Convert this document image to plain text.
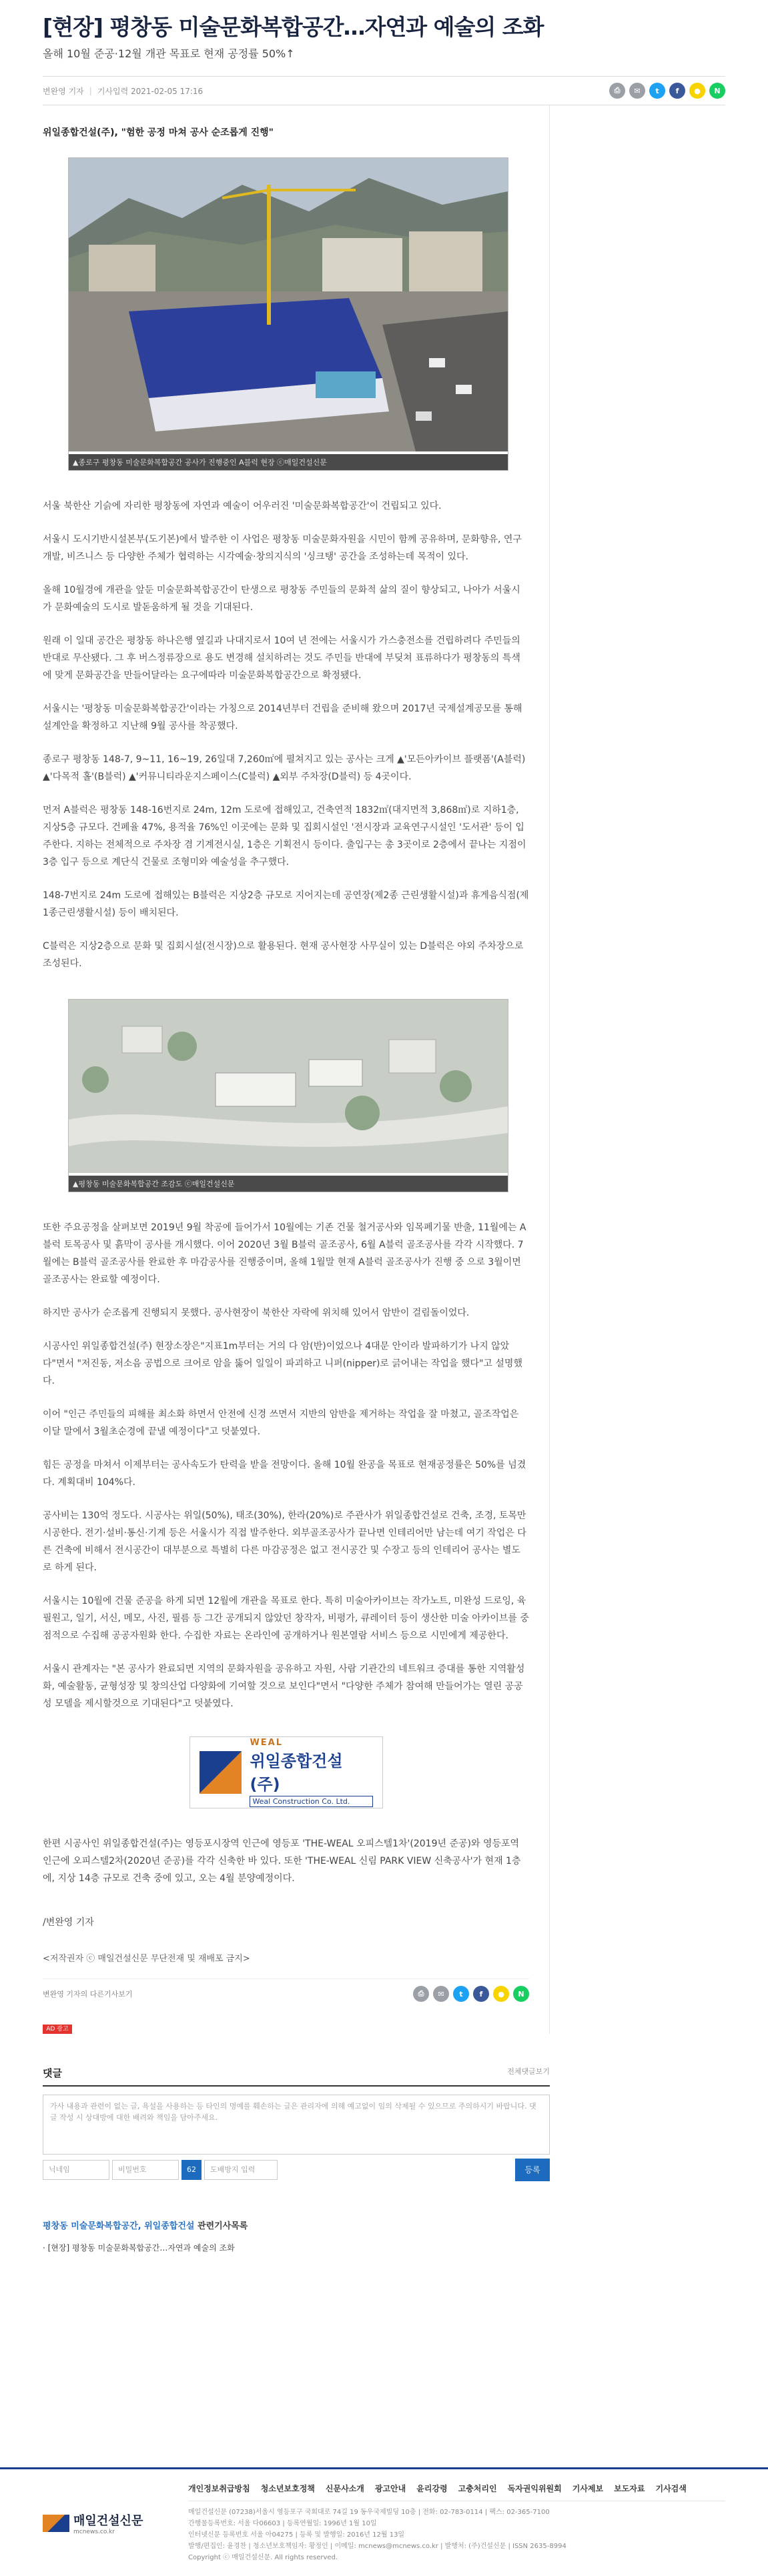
[현장] 평창동 미술문화복합공간…자연과 예술의 조화
올해 10월 준공·12월 개관 목표로 현재 공정률 50%↑
변완영 기자 | 기사입력 2021-02-05 17:16	⎙	✉	t	f	●	N
위일종합건설(주), "험한 공정 마쳐 공사 순조롭게 진행"
▲종로구 평창동 미술문화복합공간 공사가 진행중인 A블럭 현장 ⓒ매일건설신문

서울 북한산 기슭에 자리한 평창동에 자연과 예술이 어우러진 '미술문화복합공간'이 건립되고 있다.

서울시 도시기반시설본부(도기본)에서 발주한 이 사업은 평창동 미술문화자원을 시민이 함께 공유하며, 문화향유, 연구개발, 비즈니스 등 다양한 주체가 협력하는 시각예술·창의지식의 '싱크탱' 공간을 조성하는데 목적이 있다.

올해 10월경에 개관을 앞둔 미술문화복합공간이 탄생으로 평창동 주민들의 문화적 삶의 질이 향상되고, 나아가 서울시가 문화예술의 도시로 발돋움하게 될 것을 기대된다.

원래 이 일대 공간은 평창동 하나은행 옆길과 나대지로서 10여 년 전에는 서울시가 가스충전소를 건립하려다 주민들의 반대로 무산됐다. 그 후 버스정류장으로 용도 변경해 설치하려는 것도 주민들 반대에 부딪쳐 표류하다가 평창동의 특색에 맞게 문화공간을 만들어달라는 요구에따라 미술문화복합공간으로 확정됐다.

서울시는 '평창동 미술문화복합공간'이라는 가칭으로 2014년부터 건립을 준비해 왔으며 2017년 국제설계공모를 통해 설계안을 확정하고 지난해 9월 공사를 착공했다.

종로구 평창동 148-7, 9~11, 16~19, 26일대 7,260㎡에 펼쳐지고 있는 공사는 크게 ▲'모든아카이브 플랫폼'(A블럭) ▲'다목적 홀'(B블럭) ▲'커뮤니티라운지스페이스(C블럭) ▲외부 주차장(D블럭) 등 4곳이다.

먼저 A블럭은 평창동 148-16번지로 24m, 12m 도로에 접해있고, 건축연적 1832㎡(대지면적 3,868㎡)로 지하1층, 지상5층 규모다. 건폐율 47%, 용적율 76%인 이곳에는 문화 및 집회시설인 '전시장과 교육연구시설인 '도서관' 등이 입주한다. 지하는 전체적으로 주차장 겸 기계전시실, 1층은 기획전시 등이다. 출입구는 총 3곳이로 2층에서 끝나는 지점이 3층 입구 등으로 계단식 건물로 조형미와 예술성을 추구했다.

148-7번지로 24m 도로에 접해있는 B블럭은 지상2층 규모로 지어지는데 공연장(제2종 근린생활시설)과 휴게음식점(제1종근린생활시설) 등이 배치된다.

C블럭은 지상2층으로 문화 및 집회시설(전시장)으로 활용된다. 현재 공사현장 사무실이 있는 D블럭은 야외 주차장으로 조성된다.

▲평창동 미술문화복합공간 조감도 ⓒ매일건설신문

또한 주요공정을 살펴보면 2019년 9월 착공에 들어가서 10월에는 기존 건물 철거공사와 임목폐기물 반출, 11월에는 A블럭 토목공사 및 흙막이 공사를 개시했다. 이어 2020년 3월 B블럭 골조공사, 6월 A블럭 골조공사를 각각 시작했다. 7월에는 B블럭 골조공사를 완료한 후 마감공사를 진행중이며, 올해 1월말 현재 A블럭 골조공사가 진행 중 으로 3월이면 골조공사는 완료할 예정이다.

하지만 공사가 순조롭게 진행되지 못했다. 공사현장이 북한산 자락에 위치해 있어서 암반이 걸림돌이었다.

시공사인 위일종합건설(주) 현장소장은"지표1m부터는 거의 다 암(반)이었으나 4대문 안이라 발파하기가 나지 않았다"면서 "저진동, 저소음 공법으로 크어로 암을 뚫어 일일이 파괴하고 니퍼(nipper)로 긁어내는 작업을 했다"고 설명했다.

이어 "인근 주민들의 피해를 최소화 하면서 안전에 신경 쓰면서 지반의 암반을 제거하는 작업을 잘 마쳤고, 골조작업은 이달 말에서 3월초순경에 끝낼 예정이다"고 덧붙였다.

힘든 공정을 마쳐서 이제부터는 공사속도가 탄력을 받을 전망이다. 올해 10월 완공을 목표로 현재공정률은 50%를 넘겼다. 계획대비 104%다.

공사비는 130억 정도다. 시공사는 위일(50%), 태조(30%), 한라(20%)로 주관사가 위일종합건설로 건축, 조경, 토목만 시공한다. 전기·설비·통신·기계 등은 서울시가 직접 발주한다. 외부골조공사가 끝나면 인테리어만 남는데 여기 작업은 다른 건축에 비해서 전시공간이 대부분으로 특별히 다른 마감공정은 없고 전시공간 및 수장고 등의 인테리어 공사는 별도로 하게 된다.

서울시는 10월에 건물 준공을 하게 되면 12월에 개관을 목표로 한다. 특히 미술아카이브는 작가노트, 미완성 드로잉, 육필원고, 일기, 서신, 메모, 사진, 필름 등 그간 공개되지 않았던 창작자, 비평가, 큐레이터 등이 생산한 미술 아카이브를 중점적으로 수집해 공공자원화 한다. 수집한 자료는 온라인에 공개하거나 원본열람 서비스 등으로 시민에게 제공한다.

서울시 관계자는 "본 공사가 완료되면 지역의 문화자원을 공유하고 자원, 사람 기관간의 네트워크 증대를 통한 지역활성화, 예술활동, 균형성장 및 창의산업 다양화에 기여할 것으로 보인다"면서 "다양한 주체가 참여해 만들어가는 열린 공공성 모델을 제시할것으로 기대된다"고 덧붙였다.

WEAL
위일종합건설(주)
Weal Construction Co. Ltd.

한편 시공사인 위일종합건설(주)는 영등포시장역 인근에 영등포 'THE-WEAL 오피스텔1차'(2019년 준공)와 영등포역 인근에 오피스텔2차(2020년 준공)를 각각 신축한 바 있다. 또한 'THE-WEAL 신림 PARK VIEW 신축공사'가 현재 1층에, 지상 14층 규모로 건축 중에 있고, 오는 4월 분양예정이다.

/변완영 기자

<저작권자 ⓒ 매일건설신문 무단전재 및 재배포 금지>
변완영 기자의 다른기사보기	⎙	✉	t	f	●	N
AD 광고
댓글	전체댓글보기
가사 내용과 관련이 없는 글, 욕설을 사용하는 등 타인의 명예를 훼손하는 글은 관리자에 의해 예고없이 임의 삭제될 수 있으므로 주의하시기 바랍니다. 댓글 작성 시 상대방에 대한 배려와 책임을 담아주세요.
닉네임	비밀번호	62	도배방지 입력	등록
평창동 미술문화복합공간, 위일종합건설 관련기사목록
· [현장] 평창동 미술문화복합공간…자연과 예술의 조화
매일건설신문
mcnews.co.kr
개인정보취급방침 청소년보호정책 신문사소개 광고안내 윤리강령 고충처리인 독자권익위원회 기사제보 보도자료 기사검색
매일건설신문 (07238)서울시 영등포구 국회대로 74길 19 동우국제빌딩 10층 | 전화: 02-783-0114 | 팩스: 02-365-7100
간행물등록번호: 서울 다06603 | 등록연월일: 1996년 1월 10일
인터넷신문 등록번호 서울 아04275 | 등록 및 발행일: 2016년 12월 13일
발행/편집인: 윤경찬 | 청소년보호책임자: 황정인 | 이메일: mcnews@mcnews.co.kr | 발행처: (주)건설신문 | ISSN 2635-8994
Copyright ⓒ 매일건설신문. All rights reserved.
